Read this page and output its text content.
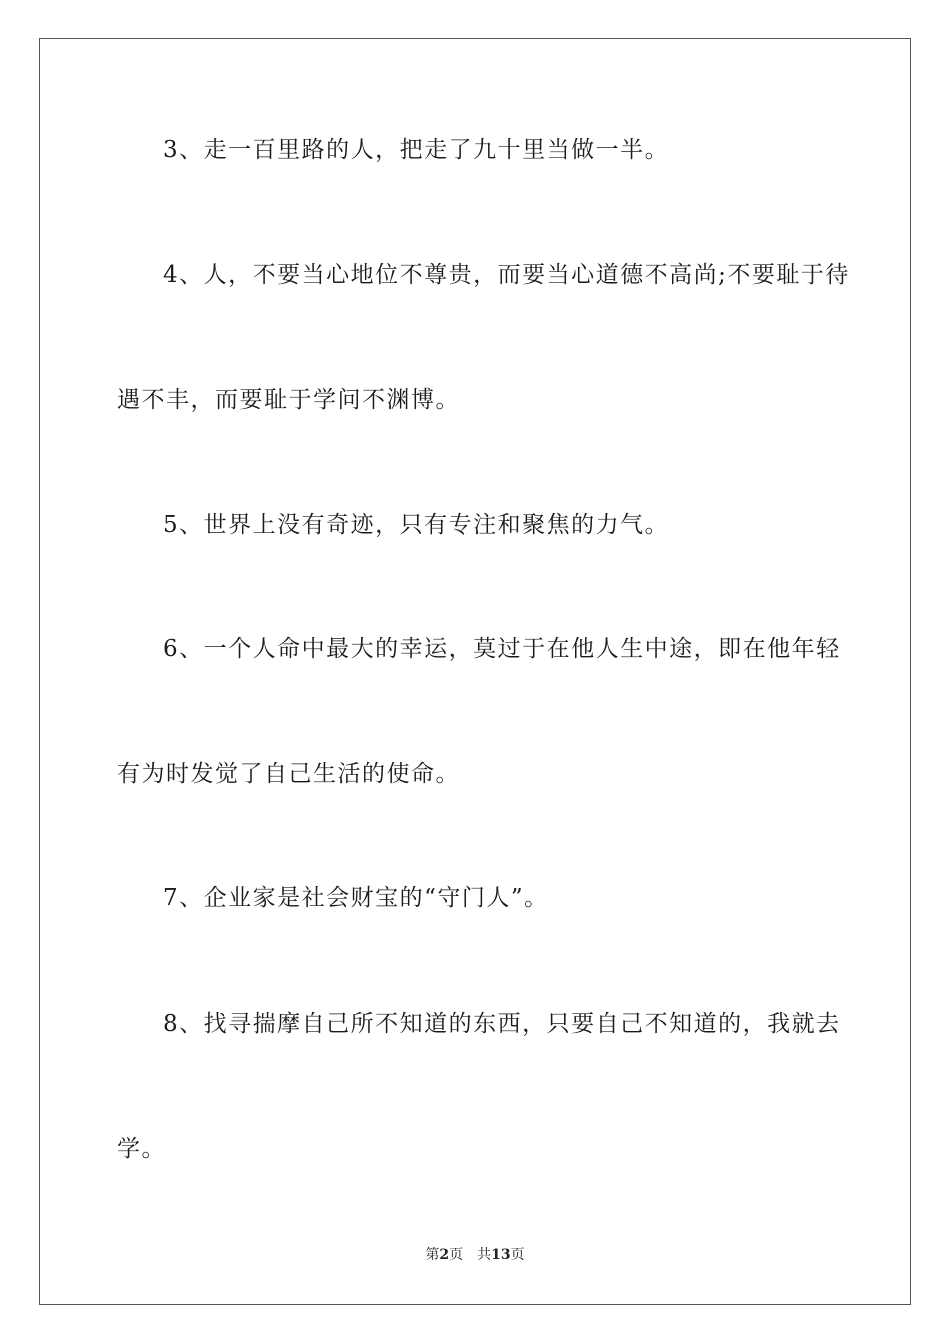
3、走一百里路的人，把走了九十里当做一半。
4、人，不要当心地位不尊贵，而要当心道德不高尚;不要耻于待
遇不丰，而要耻于学问不渊博。
5、世界上没有奇迹，只有专注和聚焦的力气。
6、一个人命中最大的幸运，莫过于在他人生中途，即在他年轻
有为时发觉了自己生活的使命。
7、企业家是社会财宝的“守门人”。
8、找寻揣摩自己所不知道的东西，只要自己不知道的，我就去
学。
第2页 共13页
